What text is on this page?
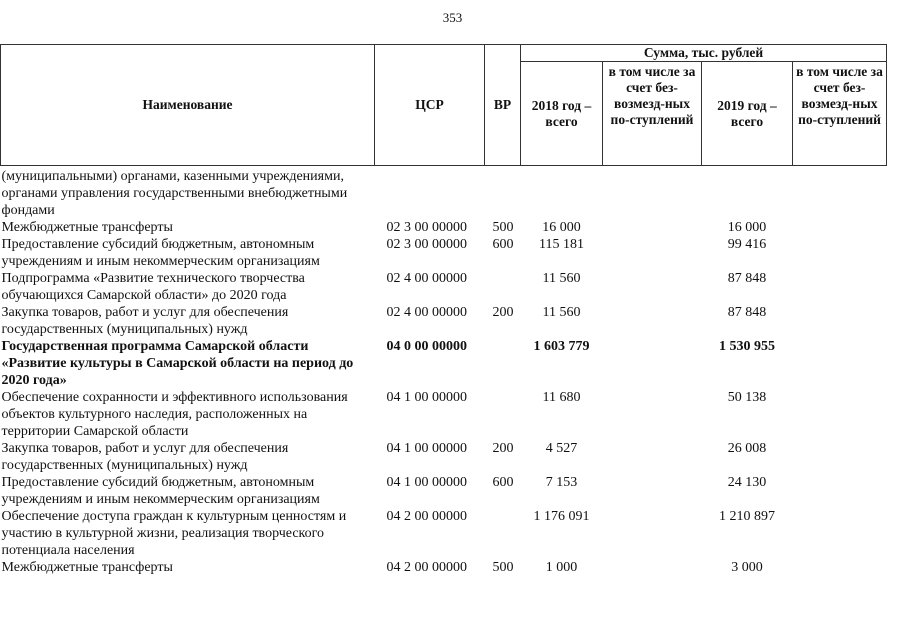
353
Наименование	ЦСР	ВР	Сумма, тыс. рублей			
			2018 год – всего	в том числе за счет без-возмезд-ных по-ступлений	2019 год – всего	в том числе за счет без-возмезд-ных по-ступлений
(муниципальными) органами, казенными учреждениями, органами управления государственными внебюджетными фондами						
Межбюджетные трансферты	02 3 00 00000	500	16 000		16 000	
Предоставление субсидий бюджетным, автономным учреждениям и иным некоммерческим организациям	02 3 00 00000	600	115 181		99 416	
Подпрограмма «Развитие технического творчества обучающихся Самарской области» до 2020 года	02 4 00 00000		11 560		87 848	
Закупка товаров, работ и услуг для обеспечения государственных (муниципальных) нужд	02 4 00 00000	200	11 560		87 848	
Государственная программа Самарской области «Развитие культуры в Самарской области на период до 2020 года»	04 0 00 00000		1 603 779		1 530 955	
Обеспечение сохранности и эффективного использования объектов культурного наследия, расположенных на территории Самарской области	04 1 00 00000		11 680		50 138	
Закупка товаров, работ и услуг для обеспечения государственных (муниципальных) нужд	04 1 00 00000	200	4 527		26 008	
Предоставление субсидий бюджетным, автономным учреждениям и иным некоммерческим организациям	04 1 00 00000	600	7 153		24 130	
Обеспечение доступа граждан к культурным ценностям и участию в культурной жизни, реализация творческого потенциала населения	04 2 00 00000		1 176 091		1 210 897	
Межбюджетные трансферты	04 2 00 00000	500	1 000		3 000	
